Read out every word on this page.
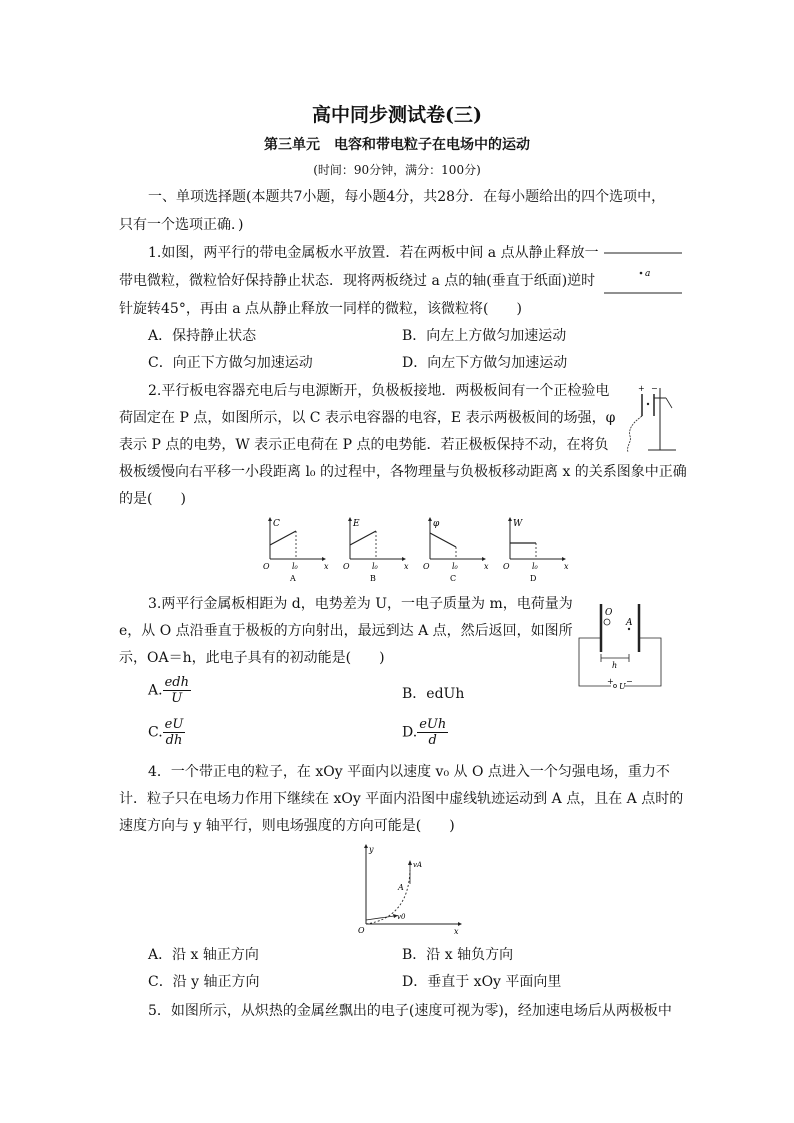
高中同步测试卷(三)
第三单元　电容和带电粒子在电场中的运动
(时间：90分钟，满分：100分)
一、单项选择题(本题共7小题，每小题4分，共28分．在每小题给出的四个选项中，
只有一个选项正确．)
1.如图，两平行的带电金属板水平放置．若在两板中间 a 点从静止释放一
带电微粒，微粒恰好保持静止状态．现将两板绕过 a 点的轴(垂直于纸面)逆时
针旋转45°，再由 a 点从静止释放一同样的微粒，该微粒将(　　)
a
A．保持静止状态	B．向左上方做匀加速运动
C．向正下方做匀加速运动	D．向左下方做匀加速运动
2.平行板电容器充电后与电源断开，负极板接地．两极板间有一个正检验电
荷固定在 P 点，如图所示，以 C 表示电容器的电容，E 表示两极板间的场强，φ
表示 P 点的电势，W 表示正电荷在 P 点的电势能．若正极板保持不动，在将负
极板缓慢向右平移一小段距离 l₀ 的过程中，各物理量与负极板移动距离 x 的关系图象中正确
的是(　　)
+ −
C
x
O	l₀
A
E
x
O	l₀
B
φ
x
O	l₀
C
W
x
O	l₀
D
3.两平行金属板相距为 d，电势差为 U，一电子质量为 m，电荷量为
e，从 O 点沿垂直于极板的方向射出，最远到达 A 点，然后返回，如图所
示，OA＝h，此电子具有的初动能是(　　)
O
A
h
+
U
−
A. $\frac{\text{edh}}{U}$	B．edUh
C. $\frac{eU}{dh}$	D. $\frac{\text{eUh}}{d}$
4．一个带正电的粒子，在 xOy 平面内以速度 v₀ 从 O 点进入一个匀强电场，重力不
计．粒子只在电场力作用下继续在 xOy 平面内沿图中虚线轨迹运动到 A 点，且在 A 点时的
速度方向与 y 轴平行，则电场强度的方向可能是(　　)
y
x
O
v0
vA
A
A．沿 x 轴正方向	B．沿 x 轴负方向
C．沿 y 轴正方向	D．垂直于 xOy 平面向里
5．如图所示，从炽热的金属丝飘出的电子(速度可视为零)，经加速电场后从两极板中
